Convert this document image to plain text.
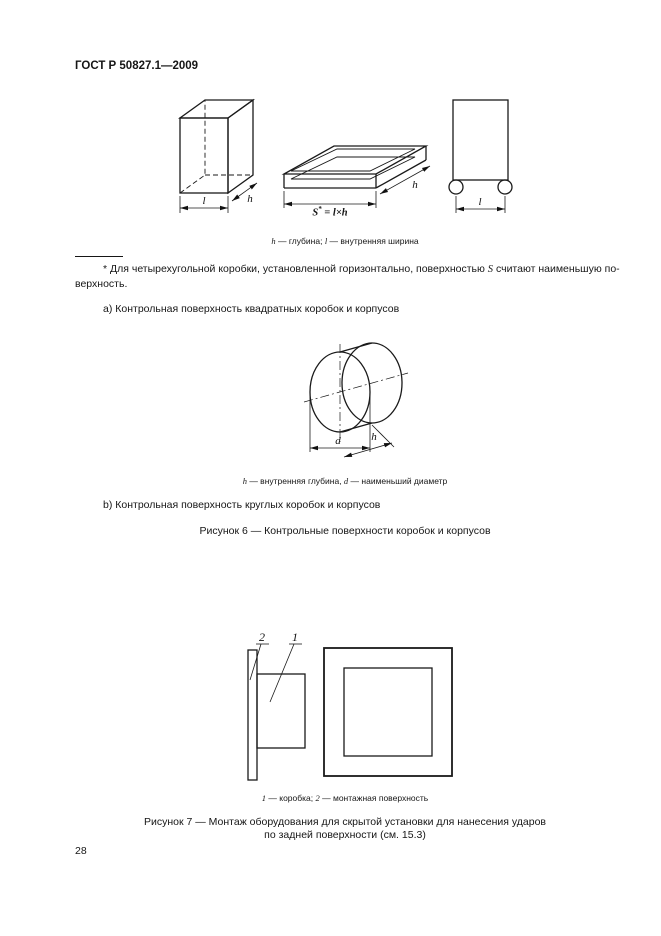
ГОСТ Р 50827.1—2009
l	h
h
S* = l×h
l
h — глубина; l — внутренняя ширина
* Для четырехугольной коробки, установленной горизонтально, поверхностью S считают наименьшую по-
верхность.
а) Контрольная поверхность квадратных коробок и корпусов
d	h
h — внутренняя глубина, d — наименьший диаметр
b) Контрольная поверхность круглых коробок и корпусов
Рисунок 6 — Контрольные поверхности коробок и корпусов
2 1
1 — коробка; 2 — монтажная поверхность
Рисунок 7 — Монтаж оборудования для скрытой установки для нанесения ударов
по задней поверхности (см. 15.3)
28
